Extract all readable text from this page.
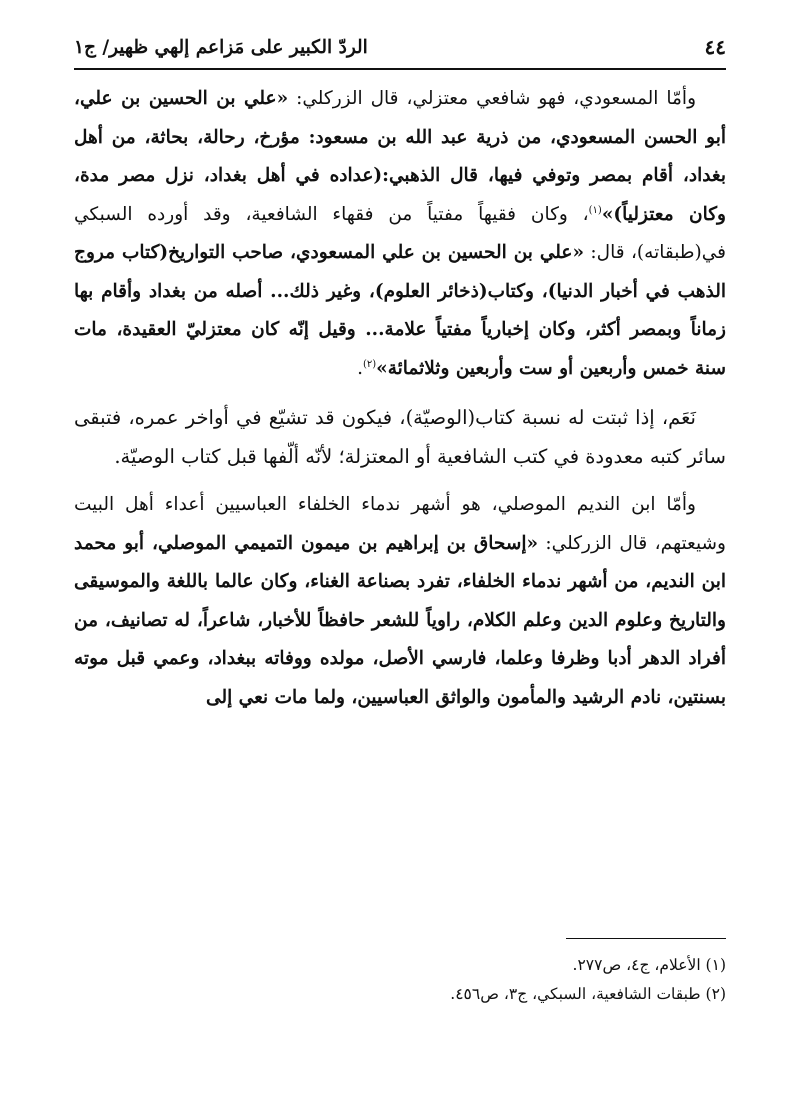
٤٤
الردّ الكبير على مَزاعم إلهي ظهير/ ج١

وأمّا المسعودي، فهو شافعي معتزلي، قال الزركلي: «علي بن الحسين بن علي، أبو الحسن المسعودي، من ذرية عبد الله بن مسعود: مؤرخ، رحالة، بحاثة، من أهل بغداد، أقام بمصر وتوفي فيها، قال الذهبي:(عداده في أهل بغداد، نزل مصر مدة، وكان معتزلياً)»$^{(١)}$، وكان فقيهاً مفتياً من فقهاء الشافعية، وقد أورده السبكي في(طبقاته)، قال: «علي بن الحسين بن علي المسعودي، صاحب التواريخ(كتاب مروج الذهب في أخبار الدنيا)، وكتاب(ذخائر العلوم)، وغير ذلك... أصله من بغداد وأقام بها زماناً وبمصر أكثر، وكان إخبارياً مفتياً علامة... وقيل إنّه كان معتزليّ العقيدة، مات سنة خمس وأربعين أو ست وأربعين وثلاثمائة»$^{(٢)}$.

نَعَم، إذا ثبتت له نسبة كتاب(الوصيّة)، فيكون قد تشيّع في أواخر عمره، فتبقى سائر كتبه معدودة في كتب الشافعية أو المعتزلة؛ لأنّه ألّفها قبل كتاب الوصيّة.

وأمّا ابن النديم الموصلي، هو أشهر ندماء الخلفاء العباسيين أعداء أهل البيت وشيعتهم، قال الزركلي: «إسحاق بن إبراهيم بن ميمون التميمي الموصلي، أبو محمد ابن النديم، من أشهر ندماء الخلفاء، تفرد بصناعة الغناء، وكان عالما باللغة والموسيقى والتاريخ وعلوم الدين وعلم الكلام، راوياً للشعر حافظاً للأخبار، شاعراً، له تصانيف، من أفراد الدهر أدبا وظرفا وعلما، فارسي الأصل، مولده ووفاته ببغداد، وعمي قبل موته بسنتين، نادم الرشيد والمأمون والواثق العباسيين، ولما مات نعي إلى

(١) الأعلام، ج٤، ص٢٧٧.
(٢) طبقات الشافعية، السبكي، ج٣، ص٤٥٦.
